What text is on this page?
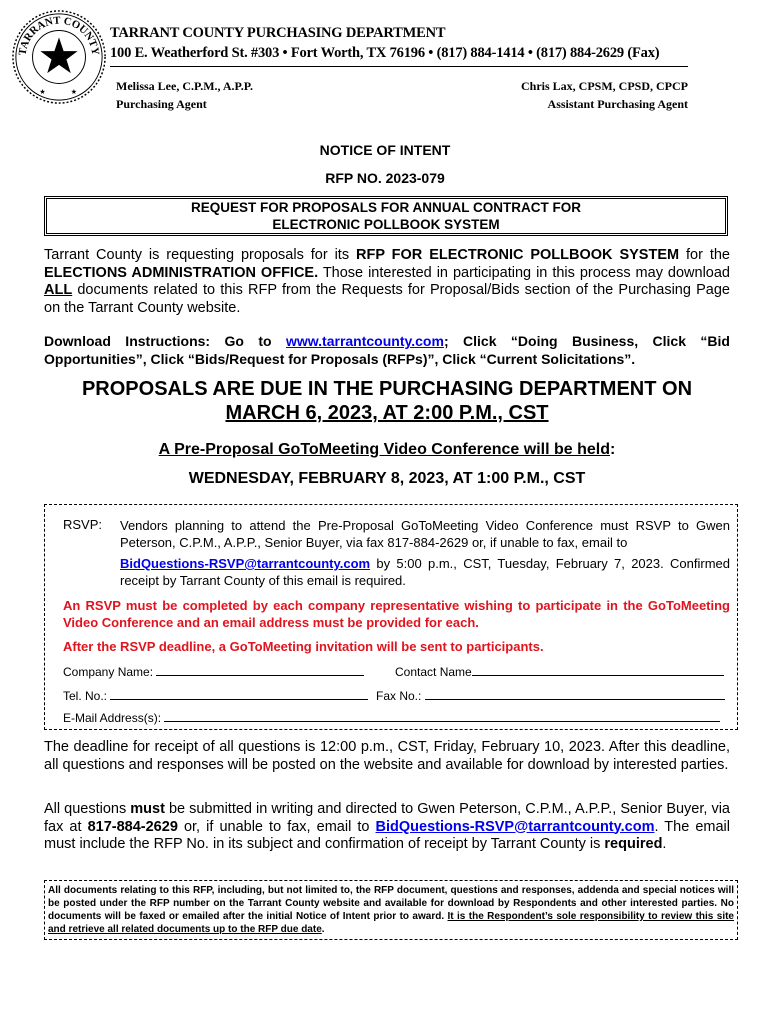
TARRANT COUNTY
★	★
TARRANT COUNTY PURCHASING DEPARTMENT
100 E. Weatherford St. #303 • Fort Worth, TX 76196 • (817) 884-1414 • (817) 884-2629 (Fax)
Melissa Lee, C.P.M., A.P.P.
Purchasing Agent
Chris Lax, CPSM, CPSD, CPCP
Assistant Purchasing Agent
NOTICE OF INTENT
RFP NO. 2023-079
REQUEST FOR PROPOSALS FOR ANNUAL CONTRACT FOR
ELECTRONIC POLLBOOK SYSTEM
Tarrant County is requesting proposals for its RFP FOR ELECTRONIC POLLBOOK SYSTEM for the ELECTIONS ADMINISTRATION OFFICE. Those interested in participating in this process may download ALL documents related to this RFP from the Requests for Proposal/Bids section of the Purchasing Page on the Tarrant County website.
Download Instructions: Go to www.tarrantcounty.com; Click “Doing Business, Click “Bid Opportunities”, Click “Bids/Request for Proposals (RFPs)”, Click “Current Solicitations”.
PROPOSALS ARE DUE IN THE PURCHASING DEPARTMENT ON
MARCH 6, 2023, AT 2:00 P.M., CST
A Pre-Proposal GoToMeeting Video Conference will be held:
WEDNESDAY, FEBRUARY 8, 2023, AT 1:00 P.M., CST
RSVP: Vendors planning to attend the Pre-Proposal GoToMeeting Video Conference must RSVP to Gwen Peterson, C.P.M., A.P.P., Senior Buyer, via fax 817-884-2629 or, if unable to fax, email to
BidQuestions-RSVP@tarrantcounty.com by 5:00 p.m., CST, Tuesday, February 7, 2023. Confirmed receipt by Tarrant County of this email is required.
An RSVP must be completed by each company representative wishing to participate in the GoToMeeting Video Conference and an email address must be provided for each.
After the RSVP deadline, a GoToMeeting invitation will be sent to participants.
Company Name:	Contact Name
Tel. No.:	Fax No.:
E-Mail Address(s):
The deadline for receipt of all questions is 12:00 p.m., CST, Friday, February 10, 2023. After this deadline, all questions and responses will be posted on the website and available for download by interested parties.
All questions must be submitted in writing and directed to Gwen Peterson, C.P.M., A.P.P., Senior Buyer, via fax at 817-884-2629 or, if unable to fax, email to BidQuestions-RSVP@tarrantcounty.com. The email must include the RFP No. in its subject and confirmation of receipt by Tarrant County is required.
All documents relating to this RFP, including, but not limited to, the RFP document, questions and responses, addenda and special notices will be posted under the RFP number on the Tarrant County website and available for download by Respondents and other interested parties. No documents will be faxed or emailed after the initial Notice of Intent prior to award. It is the Respondent’s sole responsibility to review this site and retrieve all related documents up to the RFP due date.
